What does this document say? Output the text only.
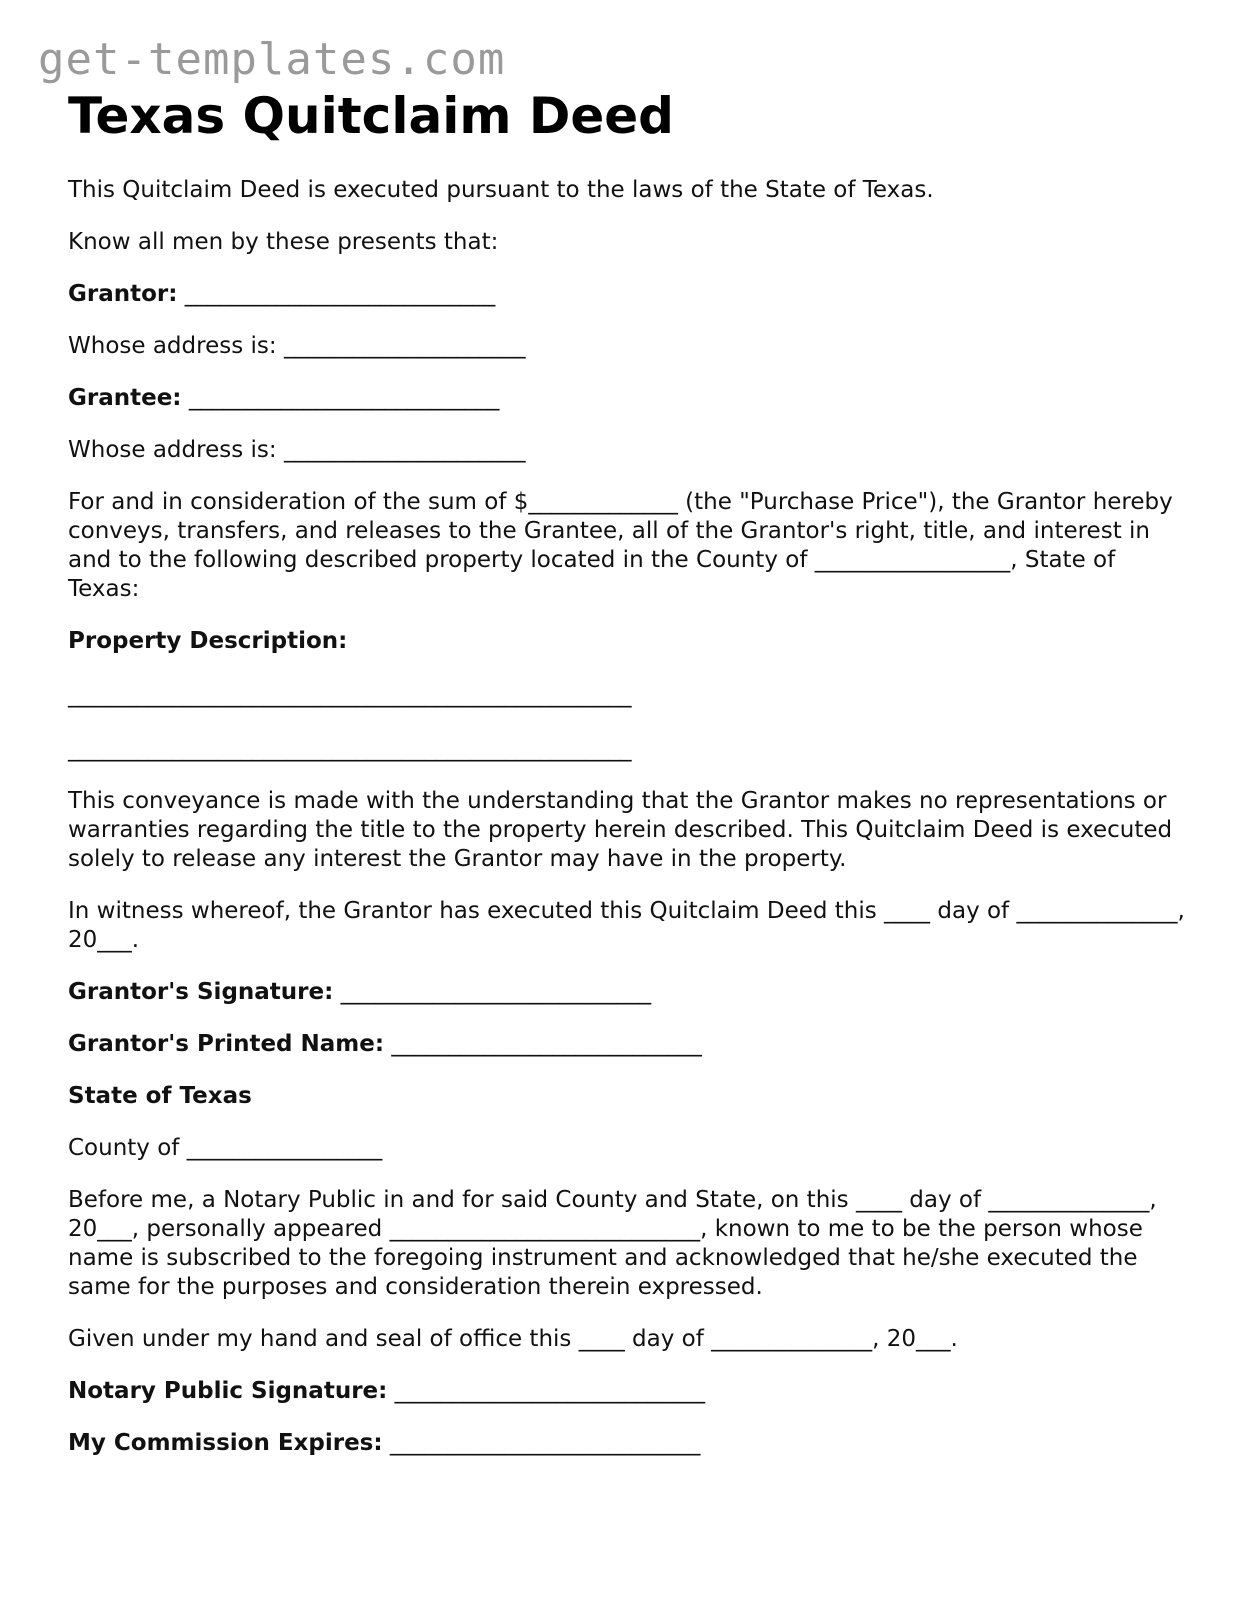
get-templates.com
Texas Quitclaim Deed

This Quitclaim Deed is executed pursuant to the laws of the State of Texas.

Know all men by these presents that:

Grantor: ___________________________

Whose address is: _____________________

Grantee: ___________________________

Whose address is: _____________________

For and in consideration of the sum of $_____________ (the "Purchase Price"), the Grantor hereby conveys, transfers, and releases to the Grantee, all of the Grantor's right, title, and interest in and to the following described property located in the County of _________________, State of Texas:

Property Description:

_________________________________________________

_________________________________________________

This conveyance is made with the understanding that the Grantor makes no representations or warranties regarding the title to the property herein described. This Quitclaim Deed is executed solely to release any interest the Grantor may have in the property.

In witness whereof, the Grantor has executed this Quitclaim Deed this ____ day of ______________, 20___.

Grantor's Signature: ___________________________

Grantor's Printed Name: ___________________________

State of Texas

County of _________________

Before me, a Notary Public in and for said County and State, on this ____ day of ______________, 20___, personally appeared ___________________________, known to me to be the person whose name is subscribed to the foregoing instrument and acknowledged that he/she executed the same for the purposes and consideration therein expressed.

Given under my hand and seal of office this ____ day of ______________, 20___.

Notary Public Signature: ___________________________

My Commission Expires: ___________________________
